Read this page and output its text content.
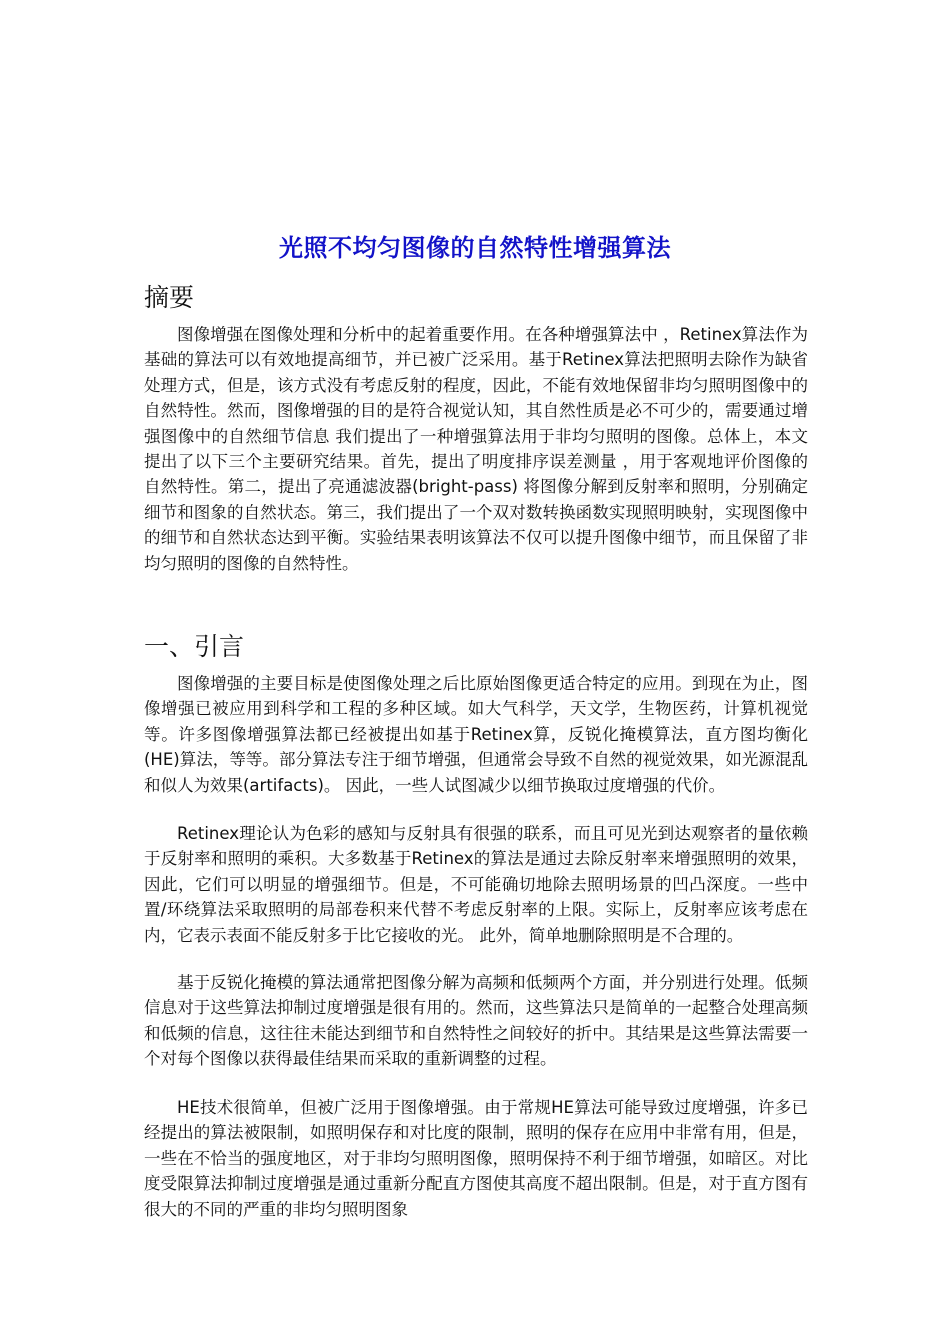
光照不均匀图像的自然特性增强算法
摘要

图像增强在图像处理和分析中的起着重要作用。在各种增强算法中 ，Retinex算法作为基础的算法可以有效地提高细节，并已被广泛采用。基于Retinex算法把照明去除作为缺省处理方式，但是，该方式没有考虑反射的程度，因此，不能有效地保留非均匀照明图像中的自然特性。然而，图像增强的目的是符合视觉认知，其自然性质是必不可少的，需要通过增强图像中的自然细节信息 我们提出了一种增强算法用于非均匀照明的图像。总体上，本文提出了以下三个主要研究结果。首先，提出了明度排序误差测量 ，用于客观地评价图像的自然特性。第二，提出了亮通滤波器(bright-pass) 将图像分解到反射率和照明，分别确定细节和图象的自然状态。第三，我们提出了一个双对数转换函数实现照明映射，实现图像中的细节和自然状态达到平衡。实验结果表明该算法不仅可以提升图像中细节，而且保留了非均匀照明的图像的自然特性。

一、引言

图像增强的主要目标是使图像处理之后比原始图像更适合特定的应用。到现在为止，图像增强已被应用到科学和工程的多种区域。如大气科学，天文学，生物医药，计算机视觉等。许多图像增强算法都已经被提出如基于Retinex算，反锐化掩模算法，直方图均衡化(HE)算法，等等。部分算法专注于细节增强，但通常会导致不自然的视觉效果，如光源混乱和似人为效果(artifacts)。 因此，一些人试图减少以细节换取过度增强的代价。

Retinex理论认为色彩的感知与反射具有很强的联系，而且可见光到达观察者的量依赖于反射率和照明的乘积。大多数基于Retinex的算法是通过去除反射率来增强照明的效果，因此，它们可以明显的增强细节。但是，不可能确切地除去照明场景的凹凸深度。一些中置/环绕算法采取照明的局部卷积来代替不考虑反射率的上限。实际上，反射率应该考虑在内，它表示表面不能反射多于比它接收的光。 此外，简单地删除照明是不合理的。

基于反锐化掩模的算法通常把图像分解为高频和低频两个方面，并分别进行处理。低频信息对于这些算法抑制过度增强是很有用的。然而，这些算法只是简单的一起整合处理高频和低频的信息，这往往未能达到细节和自然特性之间较好的折中。其结果是这些算法需要一个对每个图像以获得最佳结果而采取的重新调整的过程。

HE技术很简单，但被广泛用于图像增强。由于常规HE算法可能导致过度增强，许多已经提出的算法被限制，如照明保存和对比度的限制，照明的保存在应用中非常有用，但是，一些在不恰当的强度地区，对于非均匀照明图像，照明保持不利于细节增强，如暗区。对比度受限算法抑制过度增强是通过重新分配直方图使其高度不超出限制。但是，对于直方图有很大的不同的严重的非均匀照明图象
